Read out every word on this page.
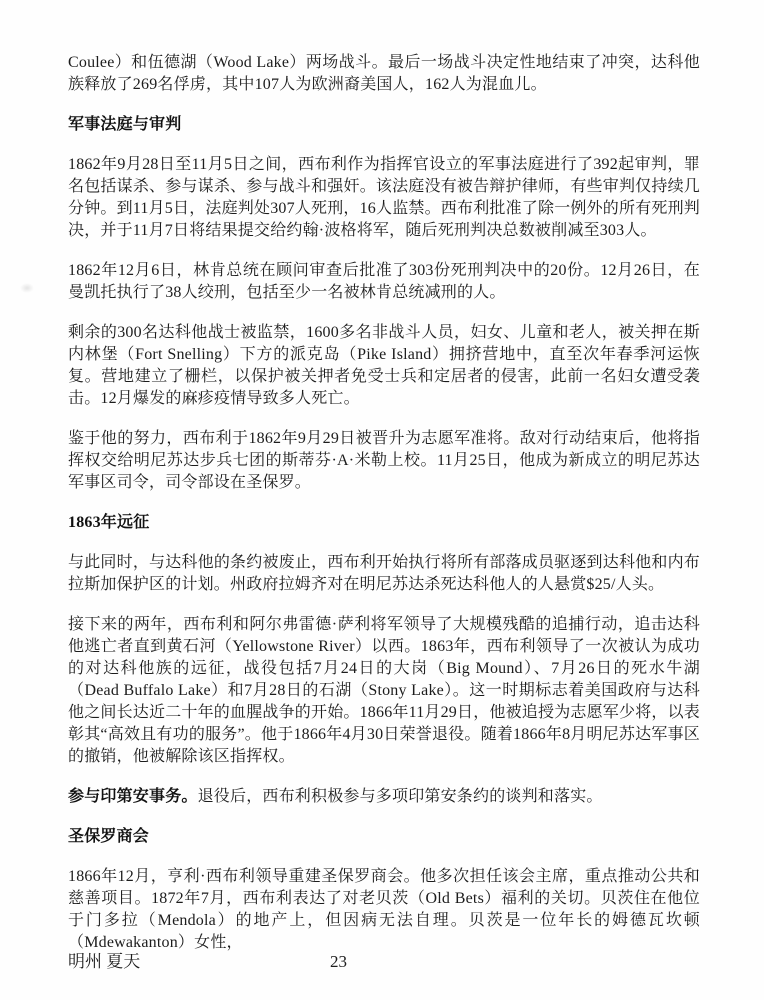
Coulee）和伍德湖（Wood Lake）两场战斗。最后一场战斗决定性地结束了冲突，达科他族释放了269名俘虏，其中107人为欧洲裔美国人，162人为混血儿。

军事法庭与审判

1862年9月28日至11月5日之间，西布利作为指挥官设立的军事法庭进行了392起审判，罪名包括谋杀、参与谋杀、参与战斗和强奸。该法庭没有被告辩护律师，有些审判仅持续几分钟。到11月5日，法庭判处307人死刑，16人监禁。西布利批准了除一例外的所有死刑判决，并于11月7日将结果提交给约翰·波格将军，随后死刑判决总数被削减至303人。

1862年12月6日，林肯总统在顾问审查后批准了303份死刑判决中的20份。12月26日，在曼凯托执行了38人绞刑，包括至少一名被林肯总统减刑的人。

剩余的300名达科他战士被监禁，1600多名非战斗人员，妇女、儿童和老人，被关押在斯内林堡（Fort Snelling）下方的派克岛（Pike Island）拥挤营地中，直至次年春季河运恢复。营地建立了栅栏，以保护被关押者免受士兵和定居者的侵害，此前一名妇女遭受袭击。12月爆发的麻疹疫情导致多人死亡。

鉴于他的努力，西布利于1862年9月29日被晋升为志愿军准将。敌对行动结束后，他将指挥权交给明尼苏达步兵七团的斯蒂芬·A·米勒上校。11月25日，他成为新成立的明尼苏达军事区司令，司令部设在圣保罗。

1863年远征

与此同时，与达科他的条约被废止，西布利开始执行将所有部落成员驱逐到达科他和内布拉斯加保护区的计划。州政府拉姆齐对在明尼苏达杀死达科他人的人悬赏$25/人头。

接下来的两年，西布利和阿尔弗雷德·萨利将军领导了大规模残酷的追捕行动，追击达科他逃亡者直到黄石河（Yellowstone River）以西。1863年，西布利领导了一次被认为成功的对达科他族的远征，战役包括7月24日的大岗（Big Mound）、7月26日的死水牛湖（Dead Buffalo Lake）和7月28日的石湖（Stony Lake）。这一时期标志着美国政府与达科他之间长达近二十年的血腥战争的开始。1866年11月29日，他被追授为志愿军少将，以表彰其“高效且有功的服务”。他于1866年4月30日荣誉退役。随着1866年8月明尼苏达军事区的撤销，他被解除该区指挥权。

参与印第安事务。退役后，西布利积极参与多项印第安条约的谈判和落实。

圣保罗商会

1866年12月，亨利·西布利领导重建圣保罗商会。他多次担任该会主席，重点推动公共和慈善项目。1872年7月，西布利表达了对老贝茨（Old Bets）福利的关切。贝茨住在他位于门多拉（Mendola）的地产上，但因病无法自理。贝茨是一位年长的姆德瓦坎顿（Mdewakanton）女性，

明州 夏天	23
